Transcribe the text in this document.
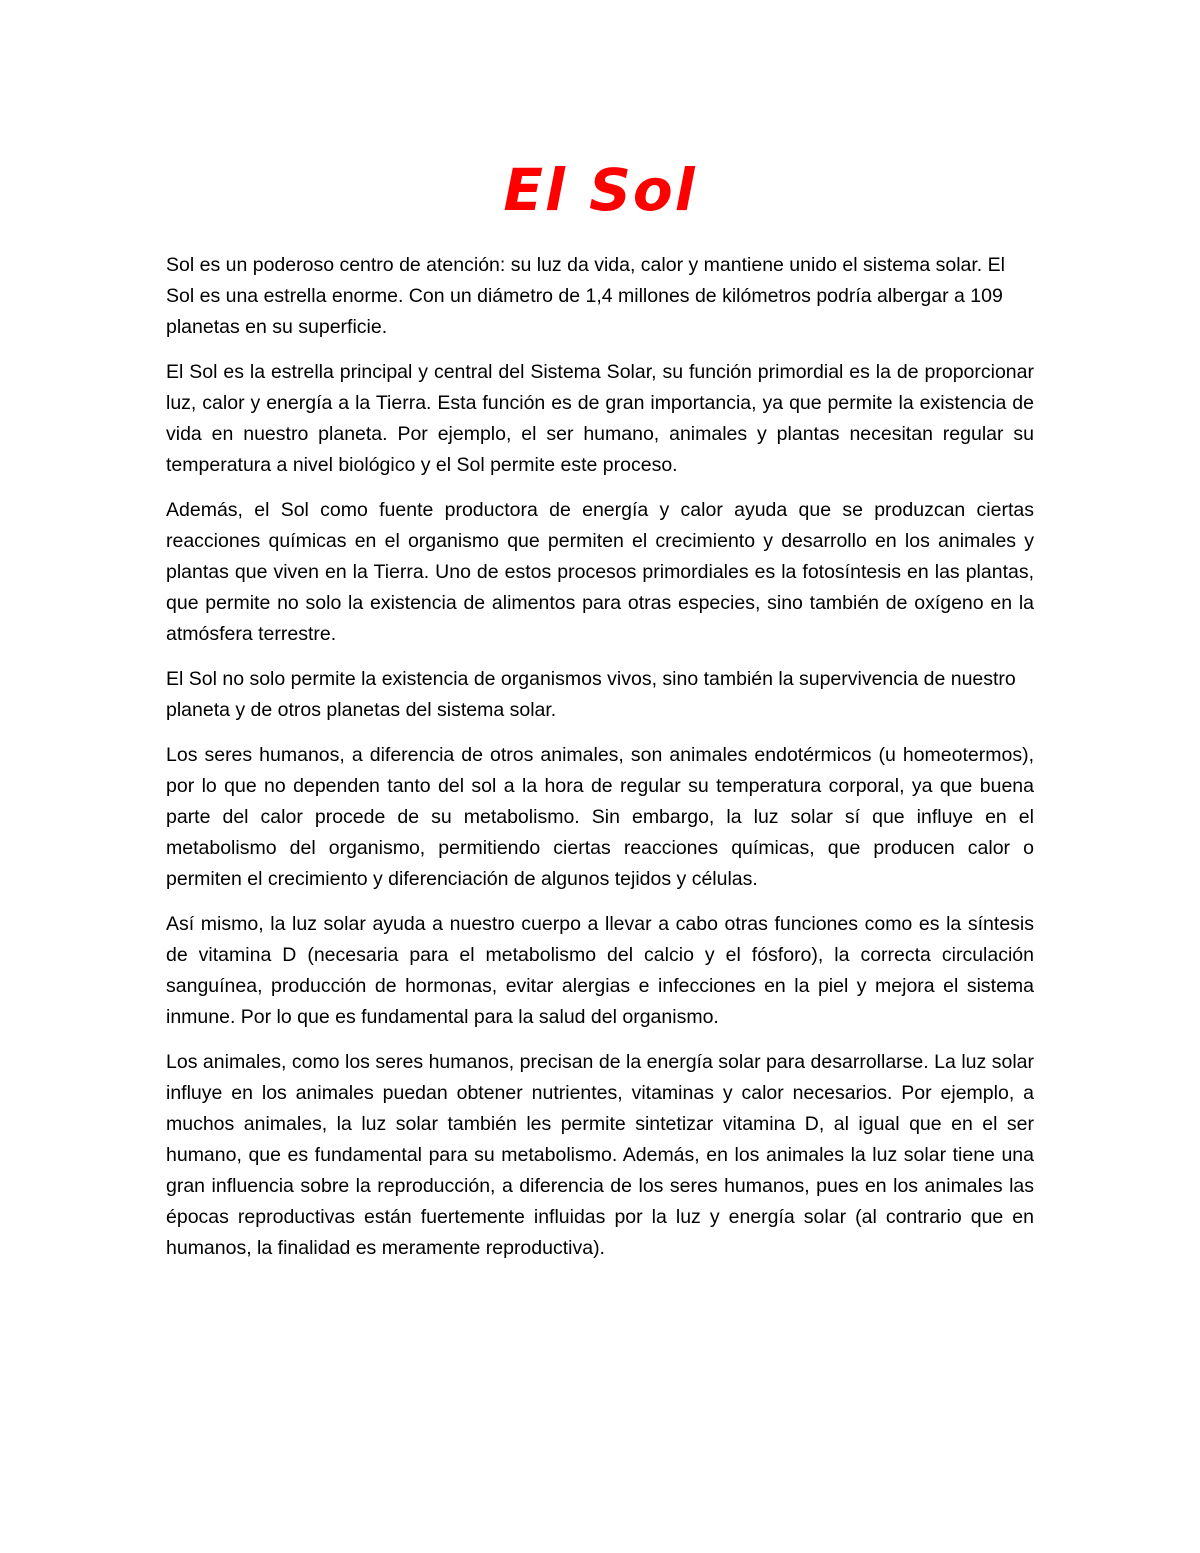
El Sol

Sol es un poderoso centro de atención: su luz da vida, calor y mantiene unido el sistema solar. El Sol es una estrella enorme. Con un diámetro de 1,4 millones de kilómetros podría albergar a 109 planetas en su superficie.

El Sol es la estrella principal y central del Sistema Solar, su función primordial es la de proporcionar luz, calor y energía a la Tierra. Esta función es de gran importancia, ya que permite la existencia de vida en nuestro planeta. Por ejemplo, el ser humano, animales y plantas necesitan regular su temperatura a nivel biológico y el Sol permite este proceso.

Además, el Sol como fuente productora de energía y calor ayuda que se produzcan ciertas reacciones químicas en el organismo que permiten el crecimiento y desarrollo en los animales y plantas que viven en la Tierra. Uno de estos procesos primordiales es la fotosíntesis en las plantas, que permite no solo la existencia de alimentos para otras especies, sino también de oxígeno en la atmósfera terrestre.

El Sol no solo permite la existencia de organismos vivos, sino también la supervivencia de nuestro planeta y de otros planetas del sistema solar.

Los seres humanos, a diferencia de otros animales, son animales endotérmicos (u homeotermos), por lo que no dependen tanto del sol a la hora de regular su temperatura corporal, ya que buena parte del calor procede de su metabolismo. Sin embargo, la luz solar sí que influye en el metabolismo del organismo, permitiendo ciertas reacciones químicas, que producen calor o permiten el crecimiento y diferenciación de algunos tejidos y células.

Así mismo, la luz solar ayuda a nuestro cuerpo a llevar a cabo otras funciones como es la síntesis de vitamina D (necesaria para el metabolismo del calcio y el fósforo), la correcta circulación sanguínea, producción de hormonas, evitar alergias e infecciones en la piel y mejora el sistema inmune. Por lo que es fundamental para la salud del organismo.

Los animales, como los seres humanos, precisan de la energía solar para desarrollarse. La luz solar influye en los animales puedan obtener nutrientes, vitaminas y calor necesarios. Por ejemplo, a muchos animales, la luz solar también les permite sintetizar vitamina D, al igual que en el ser humano, que es fundamental para su metabolismo. Además, en los animales la luz solar tiene una gran influencia sobre la reproducción, a diferencia de los seres humanos, pues en los animales las épocas reproductivas están fuertemente influidas por la luz y energía solar (al contrario que en humanos, la finalidad es meramente reproductiva).
